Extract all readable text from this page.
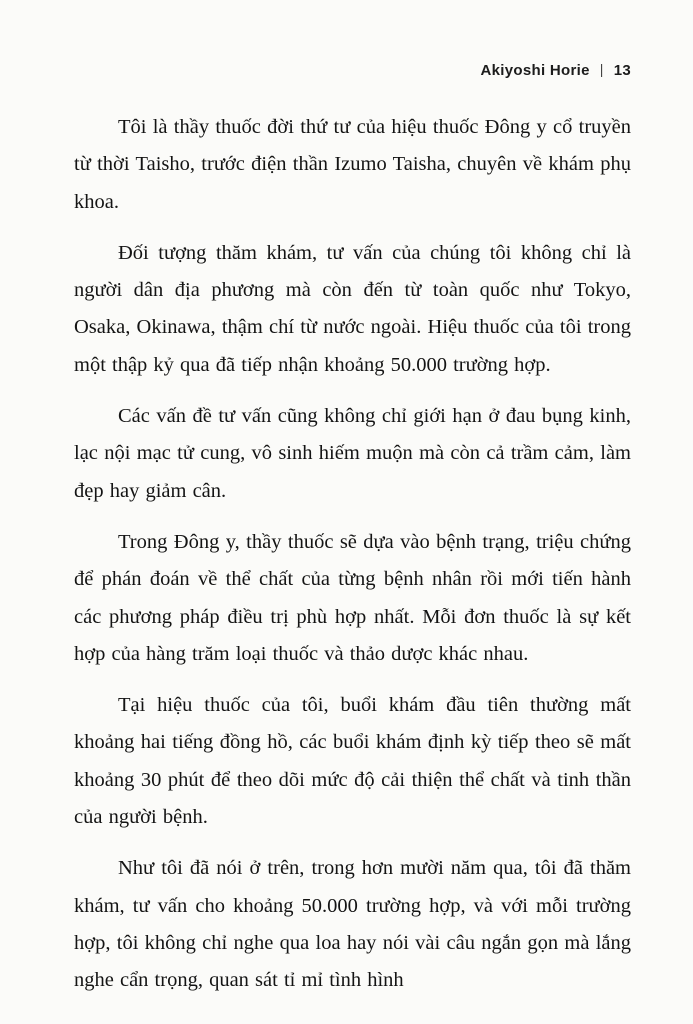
Akiyoshi Horie | 13

Tôi là thầy thuốc đời thứ tư của hiệu thuốc Đông y cổ truyền từ thời Taisho, trước điện thần Izumo Taisha, chuyên về khám phụ khoa.

Đối tượng thăm khám, tư vấn của chúng tôi không chỉ là người dân địa phương mà còn đến từ toàn quốc như Tokyo, Osaka, Okinawa, thậm chí từ nước ngoài. Hiệu thuốc của tôi trong một thập kỷ qua đã tiếp nhận khoảng 50.000 trường hợp.

Các vấn đề tư vấn cũng không chỉ giới hạn ở đau bụng kinh, lạc nội mạc tử cung, vô sinh hiếm muộn mà còn cả trầm cảm, làm đẹp hay giảm cân.

Trong Đông y, thầy thuốc sẽ dựa vào bệnh trạng, triệu chứng để phán đoán về thể chất của từng bệnh nhân rồi mới tiến hành các phương pháp điều trị phù hợp nhất. Mỗi đơn thuốc là sự kết hợp của hàng trăm loại thuốc và thảo dược khác nhau.

Tại hiệu thuốc của tôi, buổi khám đầu tiên thường mất khoảng hai tiếng đồng hồ, các buổi khám định kỳ tiếp theo sẽ mất khoảng 30 phút để theo dõi mức độ cải thiện thể chất và tinh thần của người bệnh.

Như tôi đã nói ở trên, trong hơn mười năm qua, tôi đã thăm khám, tư vấn cho khoảng 50.000 trường hợp, và với mỗi trường hợp, tôi không chỉ nghe qua loa hay nói vài câu ngắn gọn mà lắng nghe cẩn trọng, quan sát tỉ mỉ tình hình
